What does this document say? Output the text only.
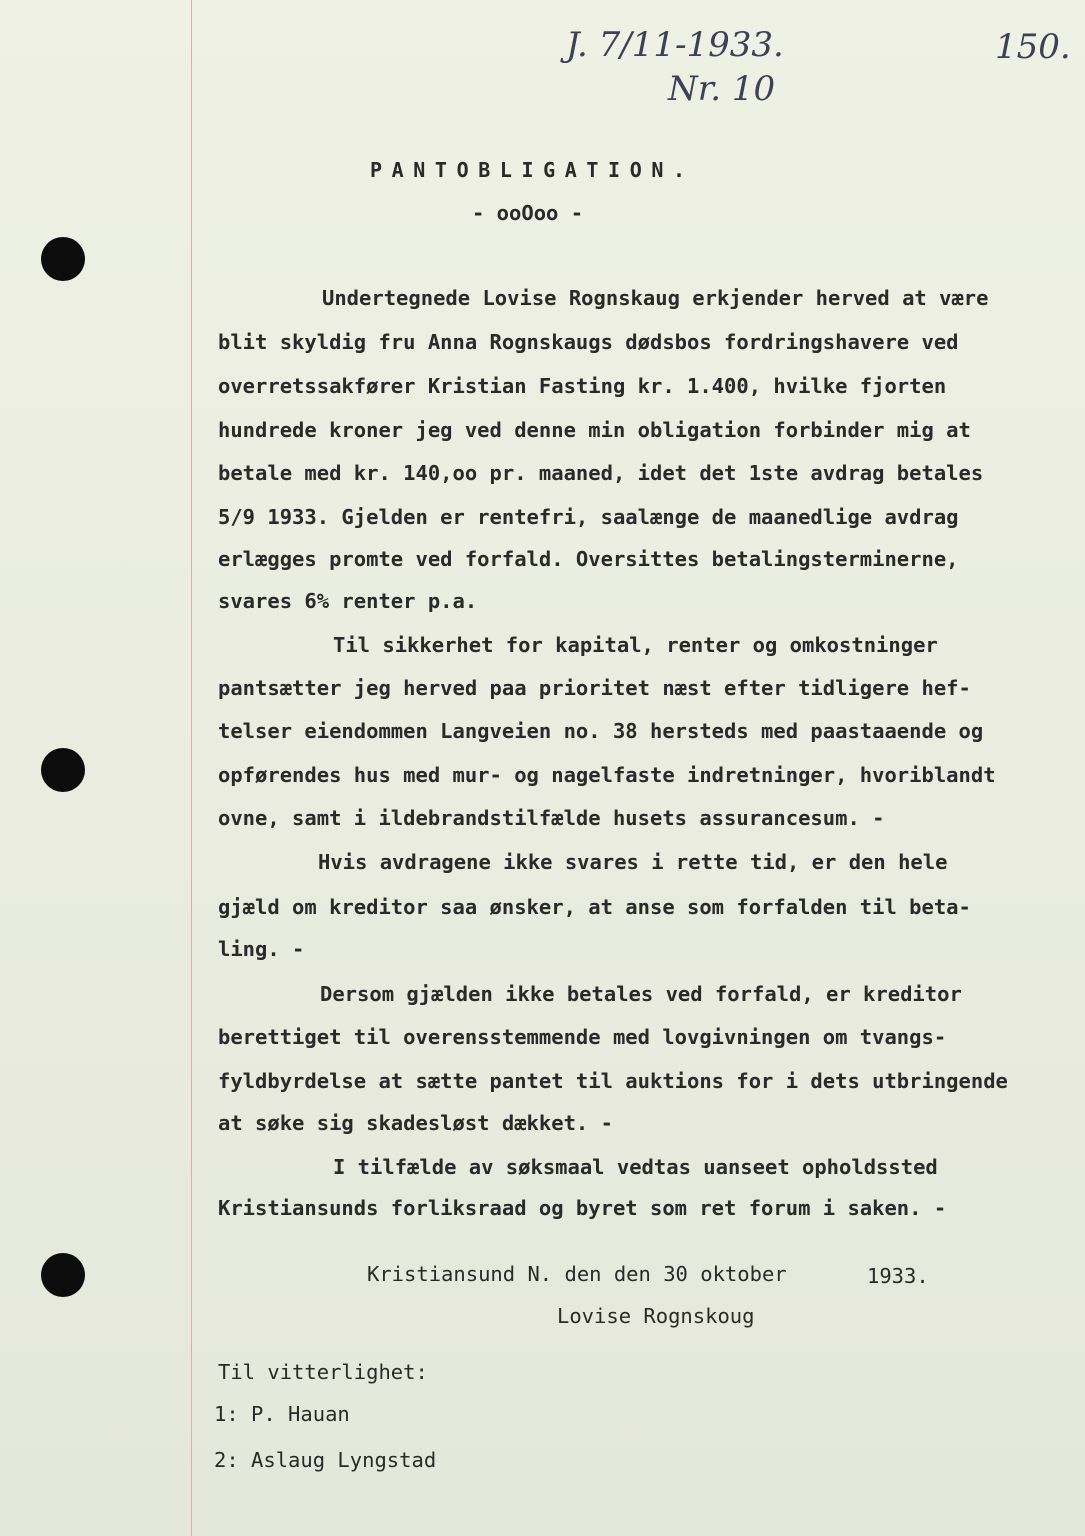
J. 7/11-1933.
Nr. 10
150.
PANTOBLIGATION.
- ooOoo -
Undertegnede Lovise Rognskaug erkjender herved at være
blit skyldig fru Anna Rognskaugs dødsbos fordringshavere ved
overretssakfører Kristian Fasting kr. 1.400, hvilke fjorten
hundrede kroner jeg ved denne min obligation forbinder mig at
betale med kr. 140,oo pr. maaned, idet det 1ste avdrag betales
5/9 1933. Gjelden er rentefri, saalænge de maanedlige avdrag
erlægges promte ved forfald. Oversittes betalingsterminerne,
svares 6% renter p.a.
Til sikkerhet for kapital, renter og omkostninger
pantsætter jeg herved paa prioritet næst efter tidligere hef-
telser eiendommen Langveien no. 38 hersteds med paastaaende og
opførendes hus med mur- og nagelfaste indretninger, hvoriblandt
ovne, samt i ildebrandstilfælde husets assurancesum. -
Hvis avdragene ikke svares i rette tid, er den hele
gjæld om kreditor saa ønsker, at anse som forfalden til beta-
ling. -
Dersom gjælden ikke betales ved forfald, er kreditor
berettiget til overensstemmende med lovgivningen om tvangs-
fyldbyrdelse at sætte pantet til auktions for i dets utbringende
at søke sig skadesløst dækket. -
I tilfælde av søksmaal vedtas uanseet opholdssted
Kristiansunds forliksraad og byret som ret forum i saken. -
Kristiansund N. den den 30 oktober	1933.
Lovise Rognskoug
Til vitterlighet:
1: P. Hauan
2: Aslaug Lyngstad
